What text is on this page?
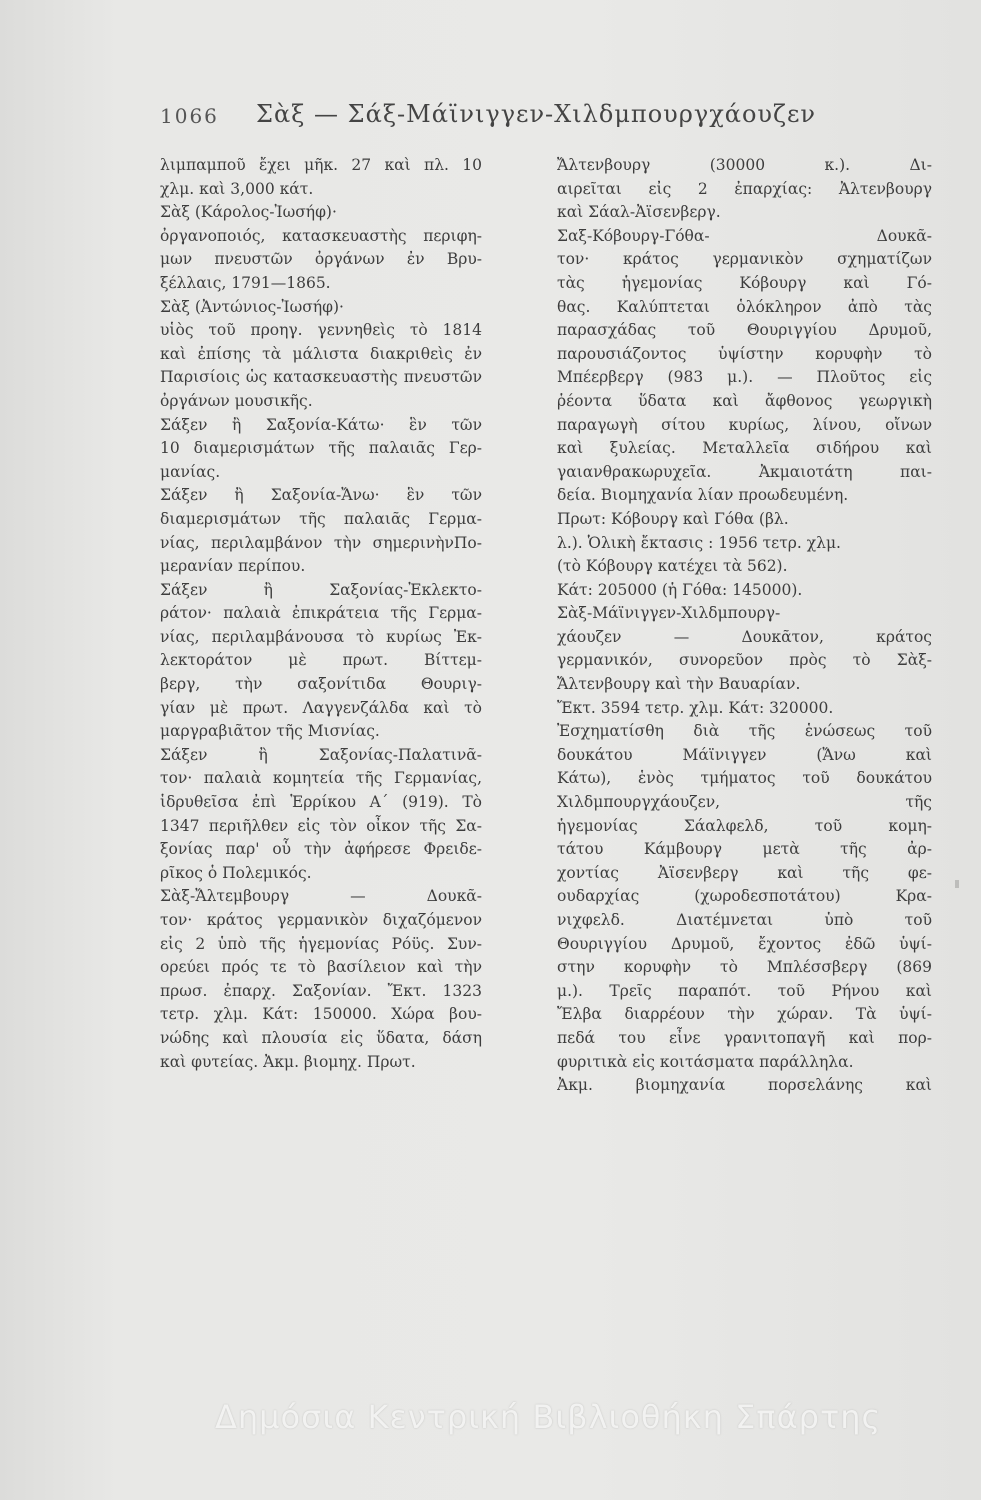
1066 Σὰξ — Σάξ-Μάϊνιγγεν-Χιλδμπουργχάουζεν
λιμπαμποῦ ἔχει μῆκ. 27 καὶ πλ. 10
χλμ. καὶ 3,000 κάτ.
Σὰξ (Κάρολος-Ἰωσήφ)·
ὀργανοποιός, κατασκευαστὴς περιφη-
μων πνευστῶν ὀργάνων ἐν Βρυ-
ξέλλαις, 1791—1865.
Σὰξ (Ἀντώνιος-Ἰωσήφ)·
υἱὸς τοῦ προηγ. γεννηθεὶς τὸ 1814
καὶ ἐπίσης τὰ μάλιστα διακριθεὶς ἐν
Παρισίοις ὡς κατασκευαστὴς πνευστῶν
ὀργάνων μουσικῆς.
Σάξεν ἢ Σαξονία-Κάτω· ἓν τῶν
10 διαμερισμάτων τῆς παλαιᾶς Γερ-
μανίας.
Σάξεν ἢ Σαξονία-Ἄνω· ἓν τῶν
διαμερισμάτων τῆς παλαιᾶς Γερμα-
νίας, περιλαμβάνον τὴν σημερινὴνΠο-
μερανίαν περίπου.
Σάξεν ἢ Σαξονίας-Ἐκλεκτο-
ράτον· παλαιὰ ἐπικράτεια τῆς Γερμα-
νίας, περιλαμβάνουσα τὸ κυρίως Ἐκ-
λεκτοράτον μὲ πρωτ. Βίττεμ-
βεργ, τὴν σαξονίτιδα Θουριγ-
γίαν μὲ πρωτ. Λαγγενζάλδα καὶ τὸ
μαργραβιᾶτον τῆς Μισνίας.
Σάξεν ἢ Σαξονίας-Παλατινᾶ-
τον· παλαιὰ κομητεία τῆς Γερμανίας,
ἱδρυθεῖσα ἐπὶ Ἑρρίκου Α΄ (919). Τὸ
1347 περιῆλθεν εἰς τὸν οἶκον τῆς Σα-
ξονίας παρ' οὗ τὴν ἀφήρεσε Φρειδε-
ρῖκος ὁ Πολεμικός.
Σὰξ-Ἄλτεμβουργ — Δουκᾶ-
τον· κράτος γερμανικὸν διχαζόμενον
εἰς 2 ὑπὸ τῆς ἡγεμονίας Ρόϋς. Συν-
ορεύει πρός τε τὸ βασίλειον καὶ τὴν
πρωσ. ἐπαρχ. Σαξονίαν. Ἔκτ. 1323
τετρ. χλμ. Κάτ: 150000. Χώρα βου-
νώδης καὶ πλουσία εἰς ὕδατα, δάση
καὶ φυτείας. Ἀκμ. βιομηχ. Πρωτ.
Ἄλτενβουργ (30000 κ.). Δι-
αιρεῖται εἰς 2 ἐπαρχίας: Ἀλτενβουργ
καὶ Σάαλ-Ἀϊσενβεργ.
Σαξ-Κόβουργ-Γόθα- Δουκᾶ-
τον· κράτος γερμανικὸν σχηματίζων
τὰς ἡγεμονίας Κόβουργ καὶ Γό-
θας. Καλύπτεται ὁλόκληρον ἀπὸ τὰς
παρασχάδας τοῦ Θουριγγίου Δρυμοῦ,
παρουσιάζοντος ὑψίστην κορυφὴν τὸ
Μπέερβεργ (983 μ.). — Πλοῦτος εἰς
ῥέοντα ὕδατα καὶ ἄφθονος γεωργικὴ
παραγωγὴ σίτου κυρίως, λίνου, οἴνων
καὶ ξυλείας. Μεταλλεῖα σιδήρου καὶ
γαιανθρακωρυχεῖα. Ἀκμαιοτάτη παι-
δεία. Βιομηχανία λίαν προωδευμένη.
Πρωτ: Κόβουργ καὶ Γόθα (βλ.
λ.). Ὁλικὴ ἔκτασις : 1956 τετρ. χλμ.
(τὸ Κόβουργ κατέχει τὰ 562).
Κάτ: 205000 (ἡ Γόθα: 145000).
Σὰξ-Μάϊνιγγεν-Χιλδμπουργ-
χάουζεν — Δουκᾶτον, κράτος
γερμανικόν, συνορεῦον πρὸς τὸ Σὰξ-
Ἄλτενβουργ καὶ τὴν Βαυαρίαν.
Ἔκτ. 3594 τετρ. χλμ. Κάτ: 320000.
Ἐσχηματίσθη διὰ τῆς ἑνώσεως τοῦ
δουκάτου Μάϊνιγγεν (Ἄνω καὶ
Κάτω), ἑνὸς τμήματος τοῦ δουκάτου
Χιλδμπουργχάουζεν, τῆς
ἡγεμονίας Σάαλφελδ, τοῦ κομη-
τάτου Κάμβουργ μετὰ τῆς ἀρ-
χοντίας Ἀϊσενβεργ καὶ τῆς φε-
ουδαρχίας (χωροδεσποτάτου) Κρα-
νιχφελδ. Διατέμνεται ὑπὸ τοῦ
Θουριγγίου Δρυμοῦ, ἔχοντος ἐδῶ ὑψί-
στην κορυφὴν τὸ Μπλέσσβεργ (869
μ.). Τρεῖς παραπότ. τοῦ Ρήνου καὶ
Ἔλβα διαρρέουν τὴν χώραν. Τὰ ὑψί-
πεδά του εἶνε γρανιτοπαγῆ καὶ πορ-
φυριτικὰ εἰς κοιτάσματα παράλληλα.
Ἀκμ. βιομηχανία πορσελάνης καὶ
Δημόσια Κεντρική Βιβλιοθήκη Σπάρτης
